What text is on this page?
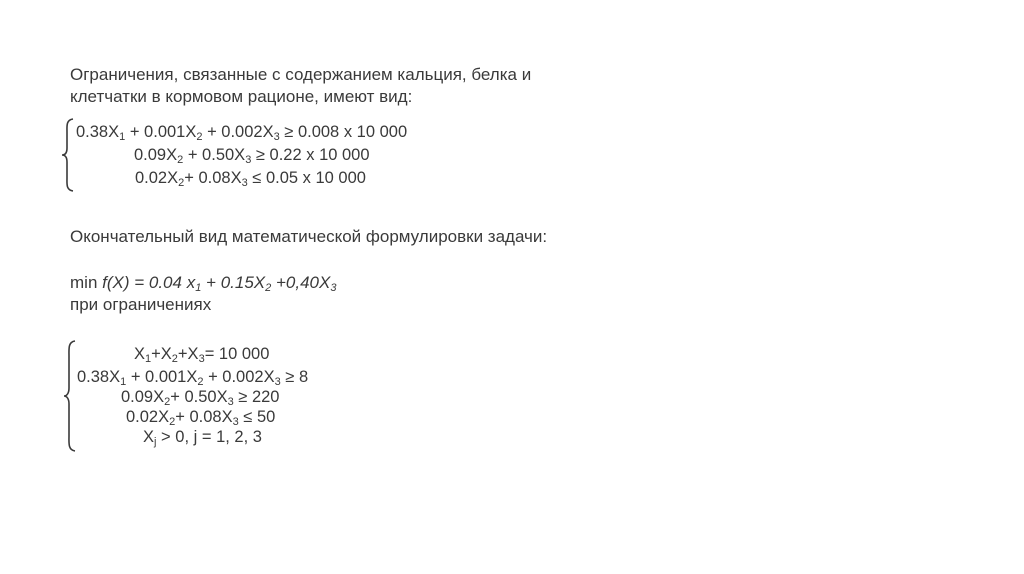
Ограничения, связанные с содержанием кальция, белка и
клетчатки в кормовом рационе, имеют вид:
$0.38X_1 + 0.001X_2 + 0.002X_3 \ge 0.008$ х 10 000
$0.09X_2 + 0.50X_3 \ge 0.22$ х 10 000
$0.02X_2+ 0.08X_3 \le 0.05$ х 10 000
Окончательный вид математической формулировки задачи:
min f(X) = 0.04 $x_1 + 0.15X_2 +0,40X_3$
при ограничениях
$X_1+X_2+X_3= 10$ 000
$0.38X_1 + 0.001X_2 + 0.002X_3 \ge 8$
$0.09X_2+ 0.50X_3 \ge 220$
$0.02X_2+ 0.08X_3 \le 50$
$X_j > 0$, j = 1, 2, 3
